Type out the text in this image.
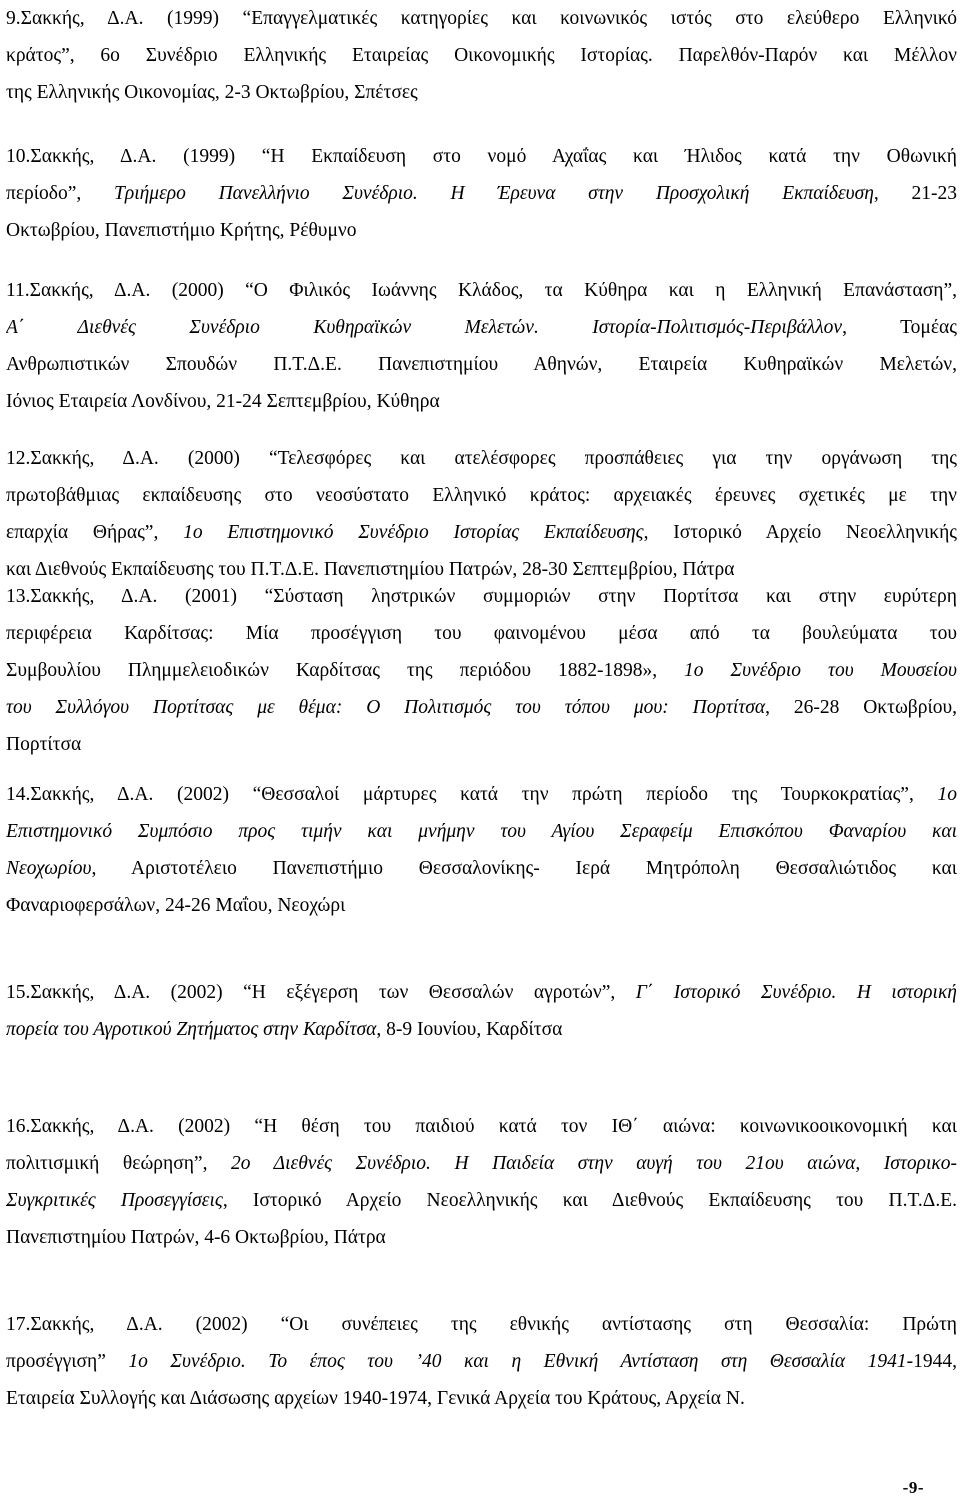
9.Σακκής, Δ.Α. (1999) “Επαγγελματικές κατηγορίες και κοινωνικός ιστός στο ελεύθερο Ελληνικό
κράτος”, 6ο Συνέδριο Ελληνικής Εταιρείας Οικονομικής Ιστορίας. Παρελθόν-Παρόν και Μέλλον
της Ελληνικής Οικονομίας, 2-3 Οκτωβρίου, Σπέτσες
10.Σακκής, Δ.Α. (1999) “Η Εκπαίδευση στο νομό Αχαΐας και Ήλιδος κατά την Οθωνική
περίοδο”, Τριήμερο Πανελλήνιο Συνέδριο. Η Έρευνα στην Προσχολική Εκπαίδευση, 21-23
Οκτωβρίου, Πανεπιστήμιο Κρήτης, Ρέθυμνο
11.Σακκής, Δ.Α. (2000) “Ο Φιλικός Ιωάννης Κλάδος, τα Κύθηρα και η Ελληνική Επανάσταση”,
Α΄ Διεθνές Συνέδριο Κυθηραϊκών Μελετών. Ιστορία-Πολιτισμός-Περιβάλλον, Τομέας
Ανθρωπιστικών Σπουδών Π.Τ.Δ.Ε. Πανεπιστημίου Αθηνών, Εταιρεία Κυθηραϊκών Μελετών,
Ιόνιος Εταιρεία Λονδίνου, 21-24 Σεπτεμβρίου, Κύθηρα
12.Σακκής, Δ.Α. (2000) “Τελεσφόρες και ατελέσφορες προσπάθειες για την οργάνωση της
πρωτοβάθμιας εκπαίδευσης στο νεοσύστατο Ελληνικό κράτος: αρχειακές έρευνες σχετικές με την
επαρχία Θήρας”, 1ο Επιστημονικό Συνέδριο Ιστορίας Εκπαίδευσης, Ιστορικό Αρχείο Νεοελληνικής
και Διεθνούς Εκπαίδευσης του Π.Τ.Δ.Ε. Πανεπιστημίου Πατρών, 28-30 Σεπτεμβρίου, Πάτρα
13.Σακκής, Δ.Α. (2001) “Σύσταση ληστρικών συμμοριών στην Πορτίτσα και στην ευρύτερη
περιφέρεια Καρδίτσας: Μία προσέγγιση του φαινομένου μέσα από τα βουλεύματα του
Συμβουλίου Πλημμελειοδικών Καρδίτσας της περιόδου 1882-1898», 1ο Συνέδριο του Μουσείου
του Συλλόγου Πορτίτσας με θέμα: Ο Πολιτισμός του τόπου μου: Πορτίτσα, 26-28 Οκτωβρίου,
Πορτίτσα
14.Σακκής, Δ.Α. (2002) “Θεσσαλοί μάρτυρες κατά την πρώτη περίοδο της Τουρκοκρατίας”, 1ο
Επιστημονικό Συμπόσιο προς τιμήν και μνήμην του Αγίου Σεραφείμ Επισκόπου Φαναρίου και
Νεοχωρίου, Αριστοτέλειο Πανεπιστήμιο Θεσσαλονίκης- Ιερά Μητρόπολη Θεσσαλιώτιδος και
Φαναριοφερσάλων, 24-26 Μαΐου, Νεοχώρι
15.Σακκής, Δ.Α. (2002) “Η εξέγερση των Θεσσαλών αγροτών”, Γ΄ Ιστορικό Συνέδριο. Η ιστορική
πορεία του Αγροτικού Ζητήματος στην Καρδίτσα, 8-9 Ιουνίου, Καρδίτσα
16.Σακκής, Δ.Α. (2002) “Η θέση του παιδιού κατά τον ΙΘ΄ αιώνα: κοινωνικοοικονομική και
πολιτισμική θεώρηση”, 2ο Διεθνές Συνέδριο. Η Παιδεία στην αυγή του 21ου αιώνα, Ιστορικο-
Συγκριτικές Προσεγγίσεις, Ιστορικό Αρχείο Νεοελληνικής και Διεθνούς Εκπαίδευσης του Π.Τ.Δ.Ε.
Πανεπιστημίου Πατρών, 4-6 Οκτωβρίου, Πάτρα
17.Σακκής, Δ.Α. (2002) “Οι συνέπειες της εθνικής αντίστασης στη Θεσσαλία: Πρώτη
προσέγγιση” 1ο Συνέδριο. Το έπος του ’40 και η Εθνική Αντίσταση στη Θεσσαλία 1941-1944,
Εταιρεία Συλλογής και Διάσωσης αρχείων 1940-1974, Γενικά Αρχεία του Κράτους, Αρχεία Ν.
-9-
